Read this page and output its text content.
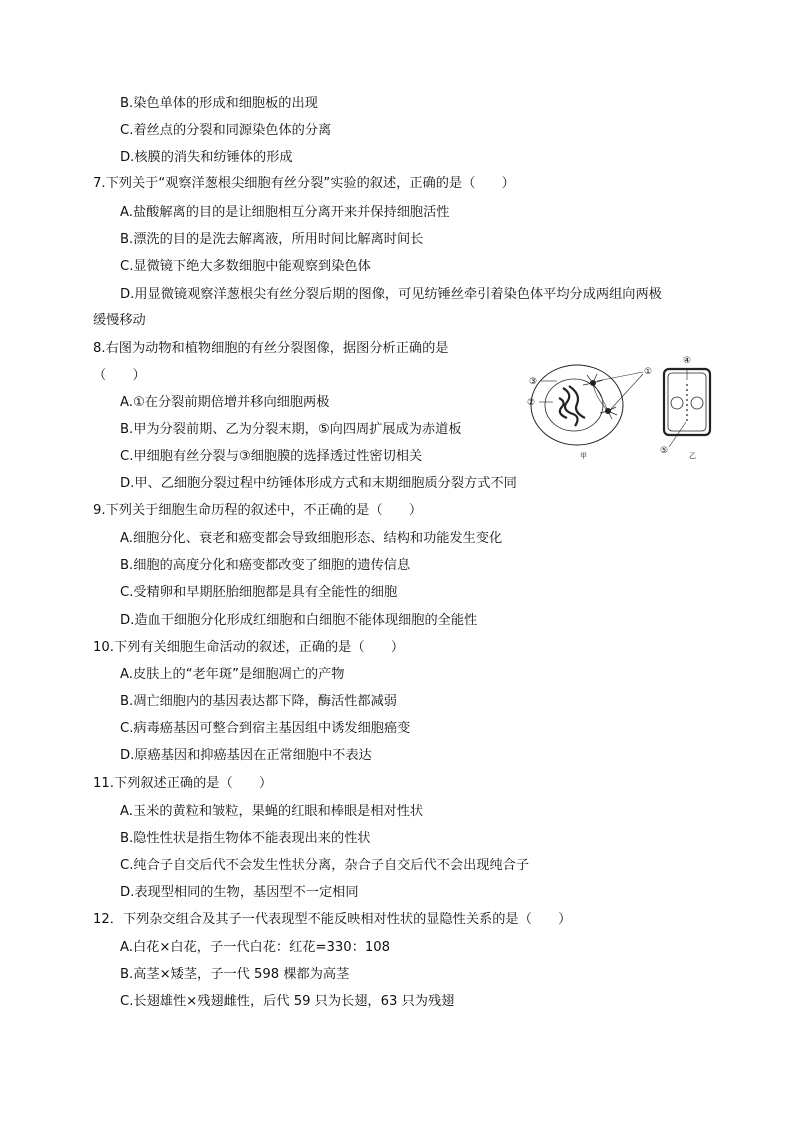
B.染色单体的形成和细胞板的出现
C.着丝点的分裂和同源染色体的分离
D.核膜的消失和纺锤体的形成
7.下列关于“观察洋葱根尖细胞有丝分裂”实验的叙述，正确的是（　　）
A.盐酸解离的目的是让细胞相互分离开来并保持细胞活性
B.漂洗的目的是洗去解离液，所用时间比解离时间长
C.显微镜下绝大多数细胞中能观察到染色体
D.用显微镜观察洋葱根尖有丝分裂后期的图像，可见纺锤丝牵引着染色体平均分成两组向两极
缓慢移动
8.右图为动物和植物细胞的有丝分裂图像，据图分析正确的是
（　　）
A.①在分裂前期倍增并移向细胞两极
B.甲为分裂前期、乙为分裂末期，⑤向四周扩展成为赤道板
C.甲细胞有丝分裂与③细胞膜的选择透过性密切相关
D.甲、乙细胞分裂过程中纺锤体形成方式和末期细胞质分裂方式不同
9.下列关于细胞生命历程的叙述中，不正确的是（　　）
A.细胞分化、衰老和癌变都会导致细胞形态、结构和功能发生变化
B.细胞的高度分化和癌变都改变了细胞的遗传信息
C.受精卵和早期胚胎细胞都是具有全能性的细胞
D.造血干细胞分化形成红细胞和白细胞不能体现细胞的全能性
10.下列有关细胞生命活动的叙述，正确的是（　　）
A.皮肤上的“老年斑”是细胞凋亡的产物
B.凋亡细胞内的基因表达都下降，酶活性都减弱
C.病毒癌基因可整合到宿主基因组中诱发细胞癌变
D.原癌基因和抑癌基因在正常细胞中不表达
11.下列叙述正确的是（　　）
A.玉米的黄粒和皱粒，果蝇的红眼和棒眼是相对性状
B.隐性性状是指生物体不能表现出来的性状
C.纯合子自交后代不会发生性状分离，杂合子自交后代不会出现纯合子
D.表现型相同的生物，基因型不一定相同
12．下列杂交组合及其子一代表现型不能反映相对性状的显隐性关系的是（　　）
A.白花×白花，子一代白花：红花=330：108
B.高茎×矮茎，子一代 598 棵都为高茎
C.长翅雄性×残翅雌性，后代 59 只为长翅，63 只为残翅
①
③
②
④
⑤
甲	乙
